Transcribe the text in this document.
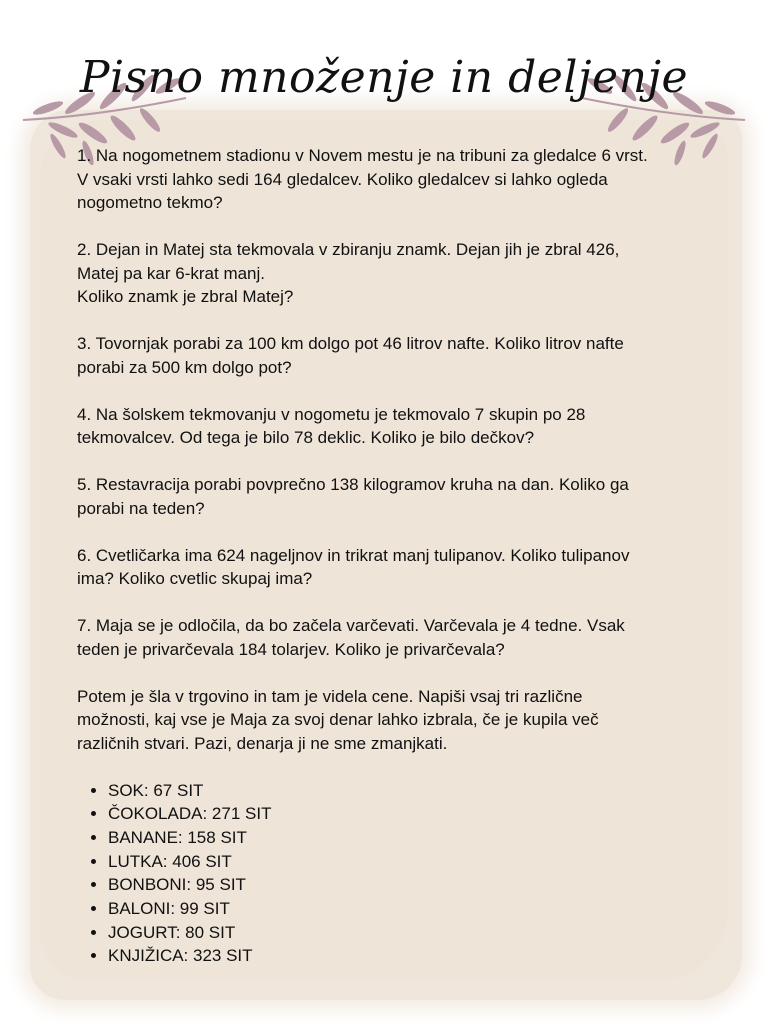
Pisno množenje in deljenje

1. Na nogometnem stadionu v Novem mestu je na tribuni za gledalce 6 vrst.
V vsaki vrsti lahko sedi 164 gledalcev. Koliko gledalcev si lahko ogleda
nogometno tekmo?

2. Dejan in Matej sta tekmovala v zbiranju znamk. Dejan jih je zbral 426,
Matej pa kar 6-krat manj.
Koliko znamk je zbral Matej?

3. Tovornjak porabi za 100 km dolgo pot 46 litrov nafte. Koliko litrov nafte
porabi za 500 km dolgo pot?

4. Na šolskem tekmovanju v nogometu je tekmovalo 7 skupin po 28
tekmovalcev. Od tega je bilo 78 deklic. Koliko je bilo dečkov?

5. Restavracija porabi povprečno 138 kilogramov kruha na dan. Koliko ga
porabi na teden?

6. Cvetličarka ima 624 nageljnov in trikrat manj tulipanov. Koliko tulipanov
ima? Koliko cvetlic skupaj ima?

7. Maja se je odločila, da bo začela varčevati. Varčevala je 4 tedne. Vsak
teden je privarčevala 184 tolarjev. Koliko je privarčevala?

Potem je šla v trgovino in tam je videla cene. Napiši vsaj tri različne
možnosti, kaj vse je Maja za svoj denar lahko izbrala, če je kupila več
različnih stvari. Pazi, denarja ji ne sme zmanjkati.

• SOK: 67 SIT
• ČOKOLADA: 271 SIT
• BANANE: 158 SIT
• LUTKA: 406 SIT
• BONBONI: 95 SIT
• BALONI: 99 SIT
• JOGURT: 80 SIT
• KNJIŽICA: 323 SIT
